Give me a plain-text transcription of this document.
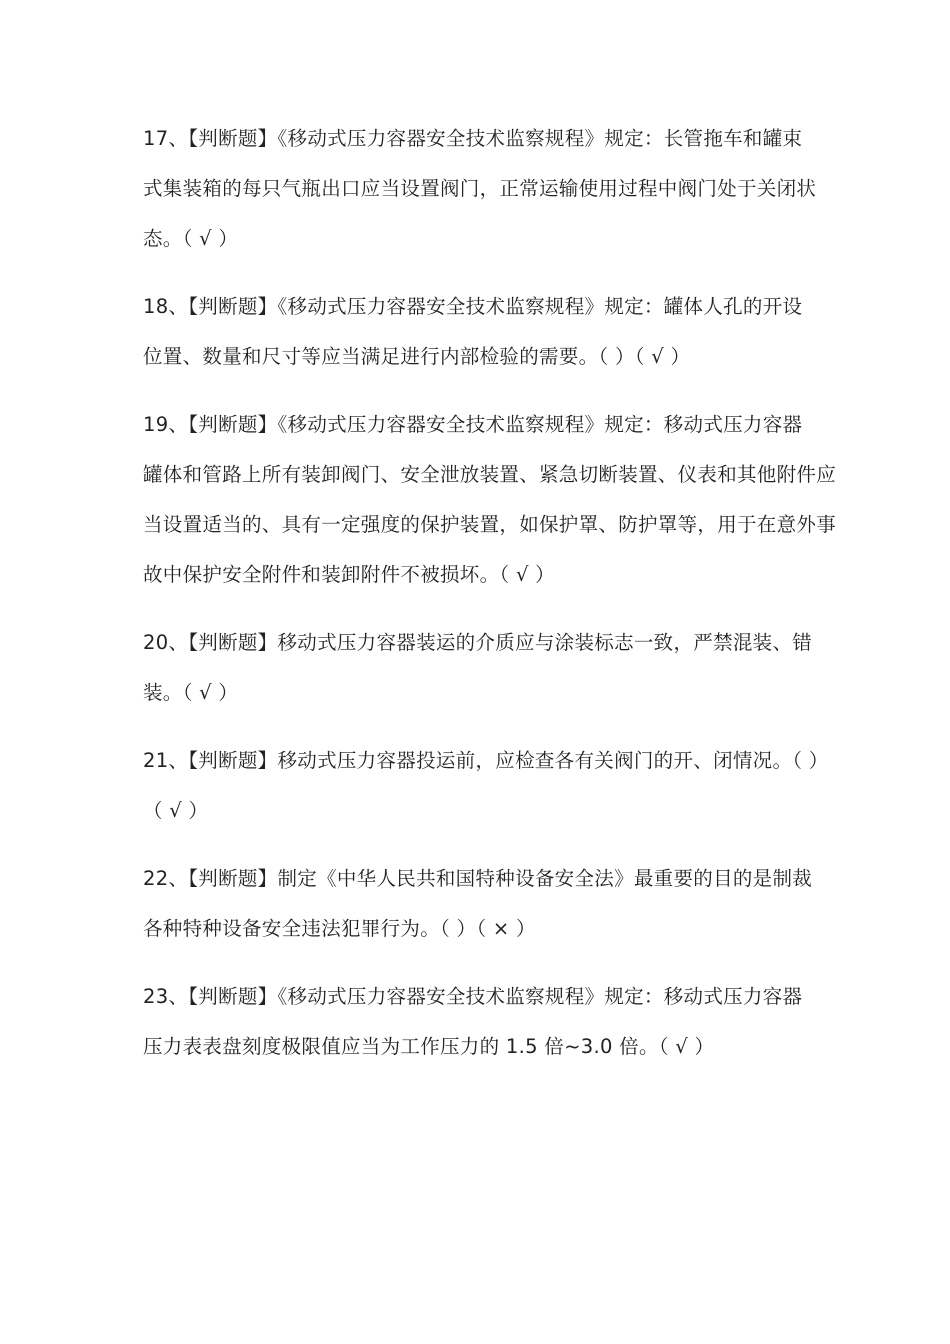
17、【判断题】《移动式压力容器安全技术监察规程》规定：长管拖车和罐束
式集装箱的每只气瓶出口应当设置阀门，正常运输使用过程中阀门处于关闭状
态。（ √ ）
18、【判断题】《移动式压力容器安全技术监察规程》规定：罐体人孔的开设
位置、数量和尺寸等应当满足进行内部检验的需要。（ ）（ √ ）
19、【判断题】《移动式压力容器安全技术监察规程》规定：移动式压力容器
罐体和管路上所有装卸阀门、安全泄放装置、紧急切断装置、仪表和其他附件应
当设置适当的、具有一定强度的保护装置，如保护罩、防护罩等，用于在意外事
故中保护安全附件和装卸附件不被损坏。（ √ ）
20、【判断题】移动式压力容器装运的介质应与涂装标志一致，严禁混装、错
装。（ √ ）
21、【判断题】移动式压力容器投运前，应检查各有关阀门的开、闭情况。（ ）
（ √ ）
22、【判断题】制定《中华人民共和国特种设备安全法》最重要的目的是制裁
各种特种设备安全违法犯罪行为。（ ）（ × ）
23、【判断题】《移动式压力容器安全技术监察规程》规定：移动式压力容器
压力表表盘刻度极限值应当为工作压力的 1.5 倍~3.0 倍。（ √ ）
